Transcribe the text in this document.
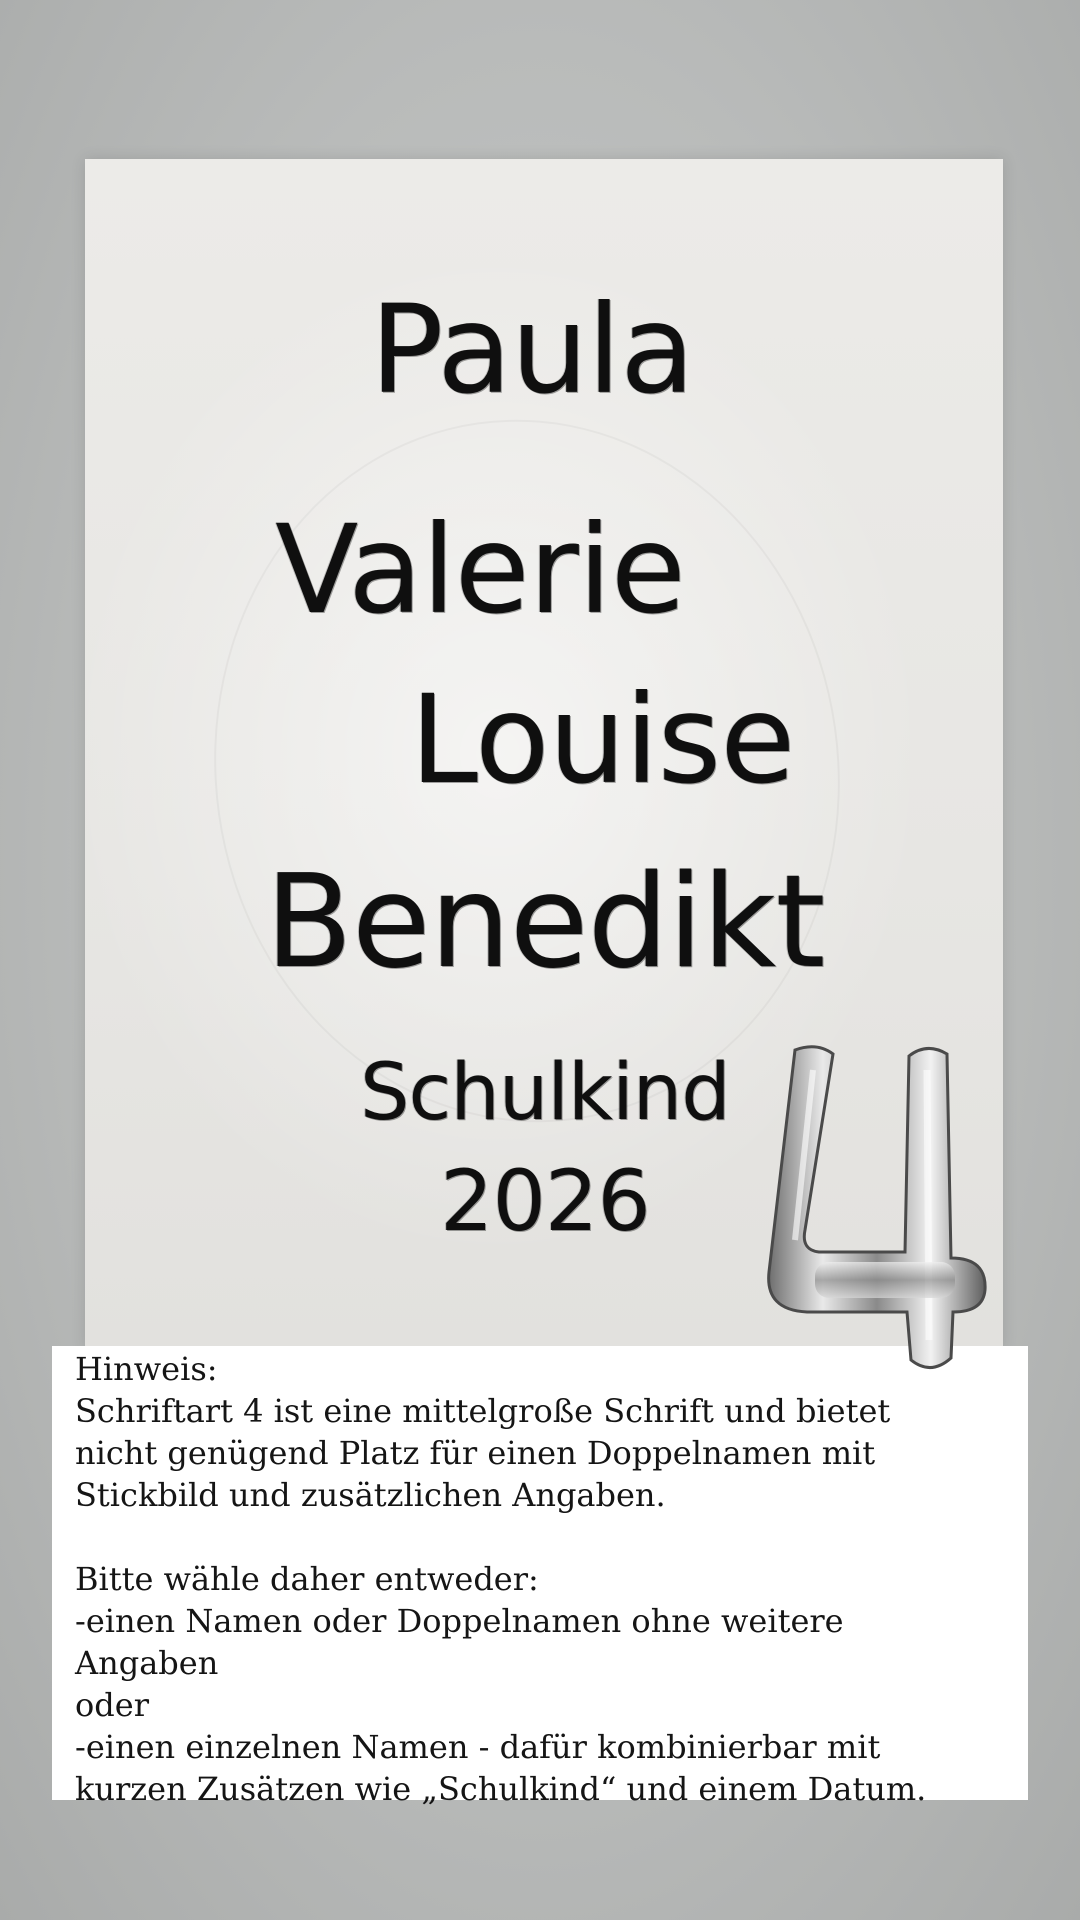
Paula

Valerie

Louise

Benedikt

Schulkind

2026

Hinweis:

Schriftart 4 ist eine mittelgroße Schrift und bietet

nicht genügend Platz für einen Doppelnamen mit

Stickbild und zusätzlichen Angaben.

Bitte wähle daher entweder:

-einen Namen oder Doppelnamen ohne weitere

Angaben

oder

-einen einzelnen Namen - dafür kombinierbar mit

kurzen Zusätzen wie „Schulkind“ und einem Datum.
